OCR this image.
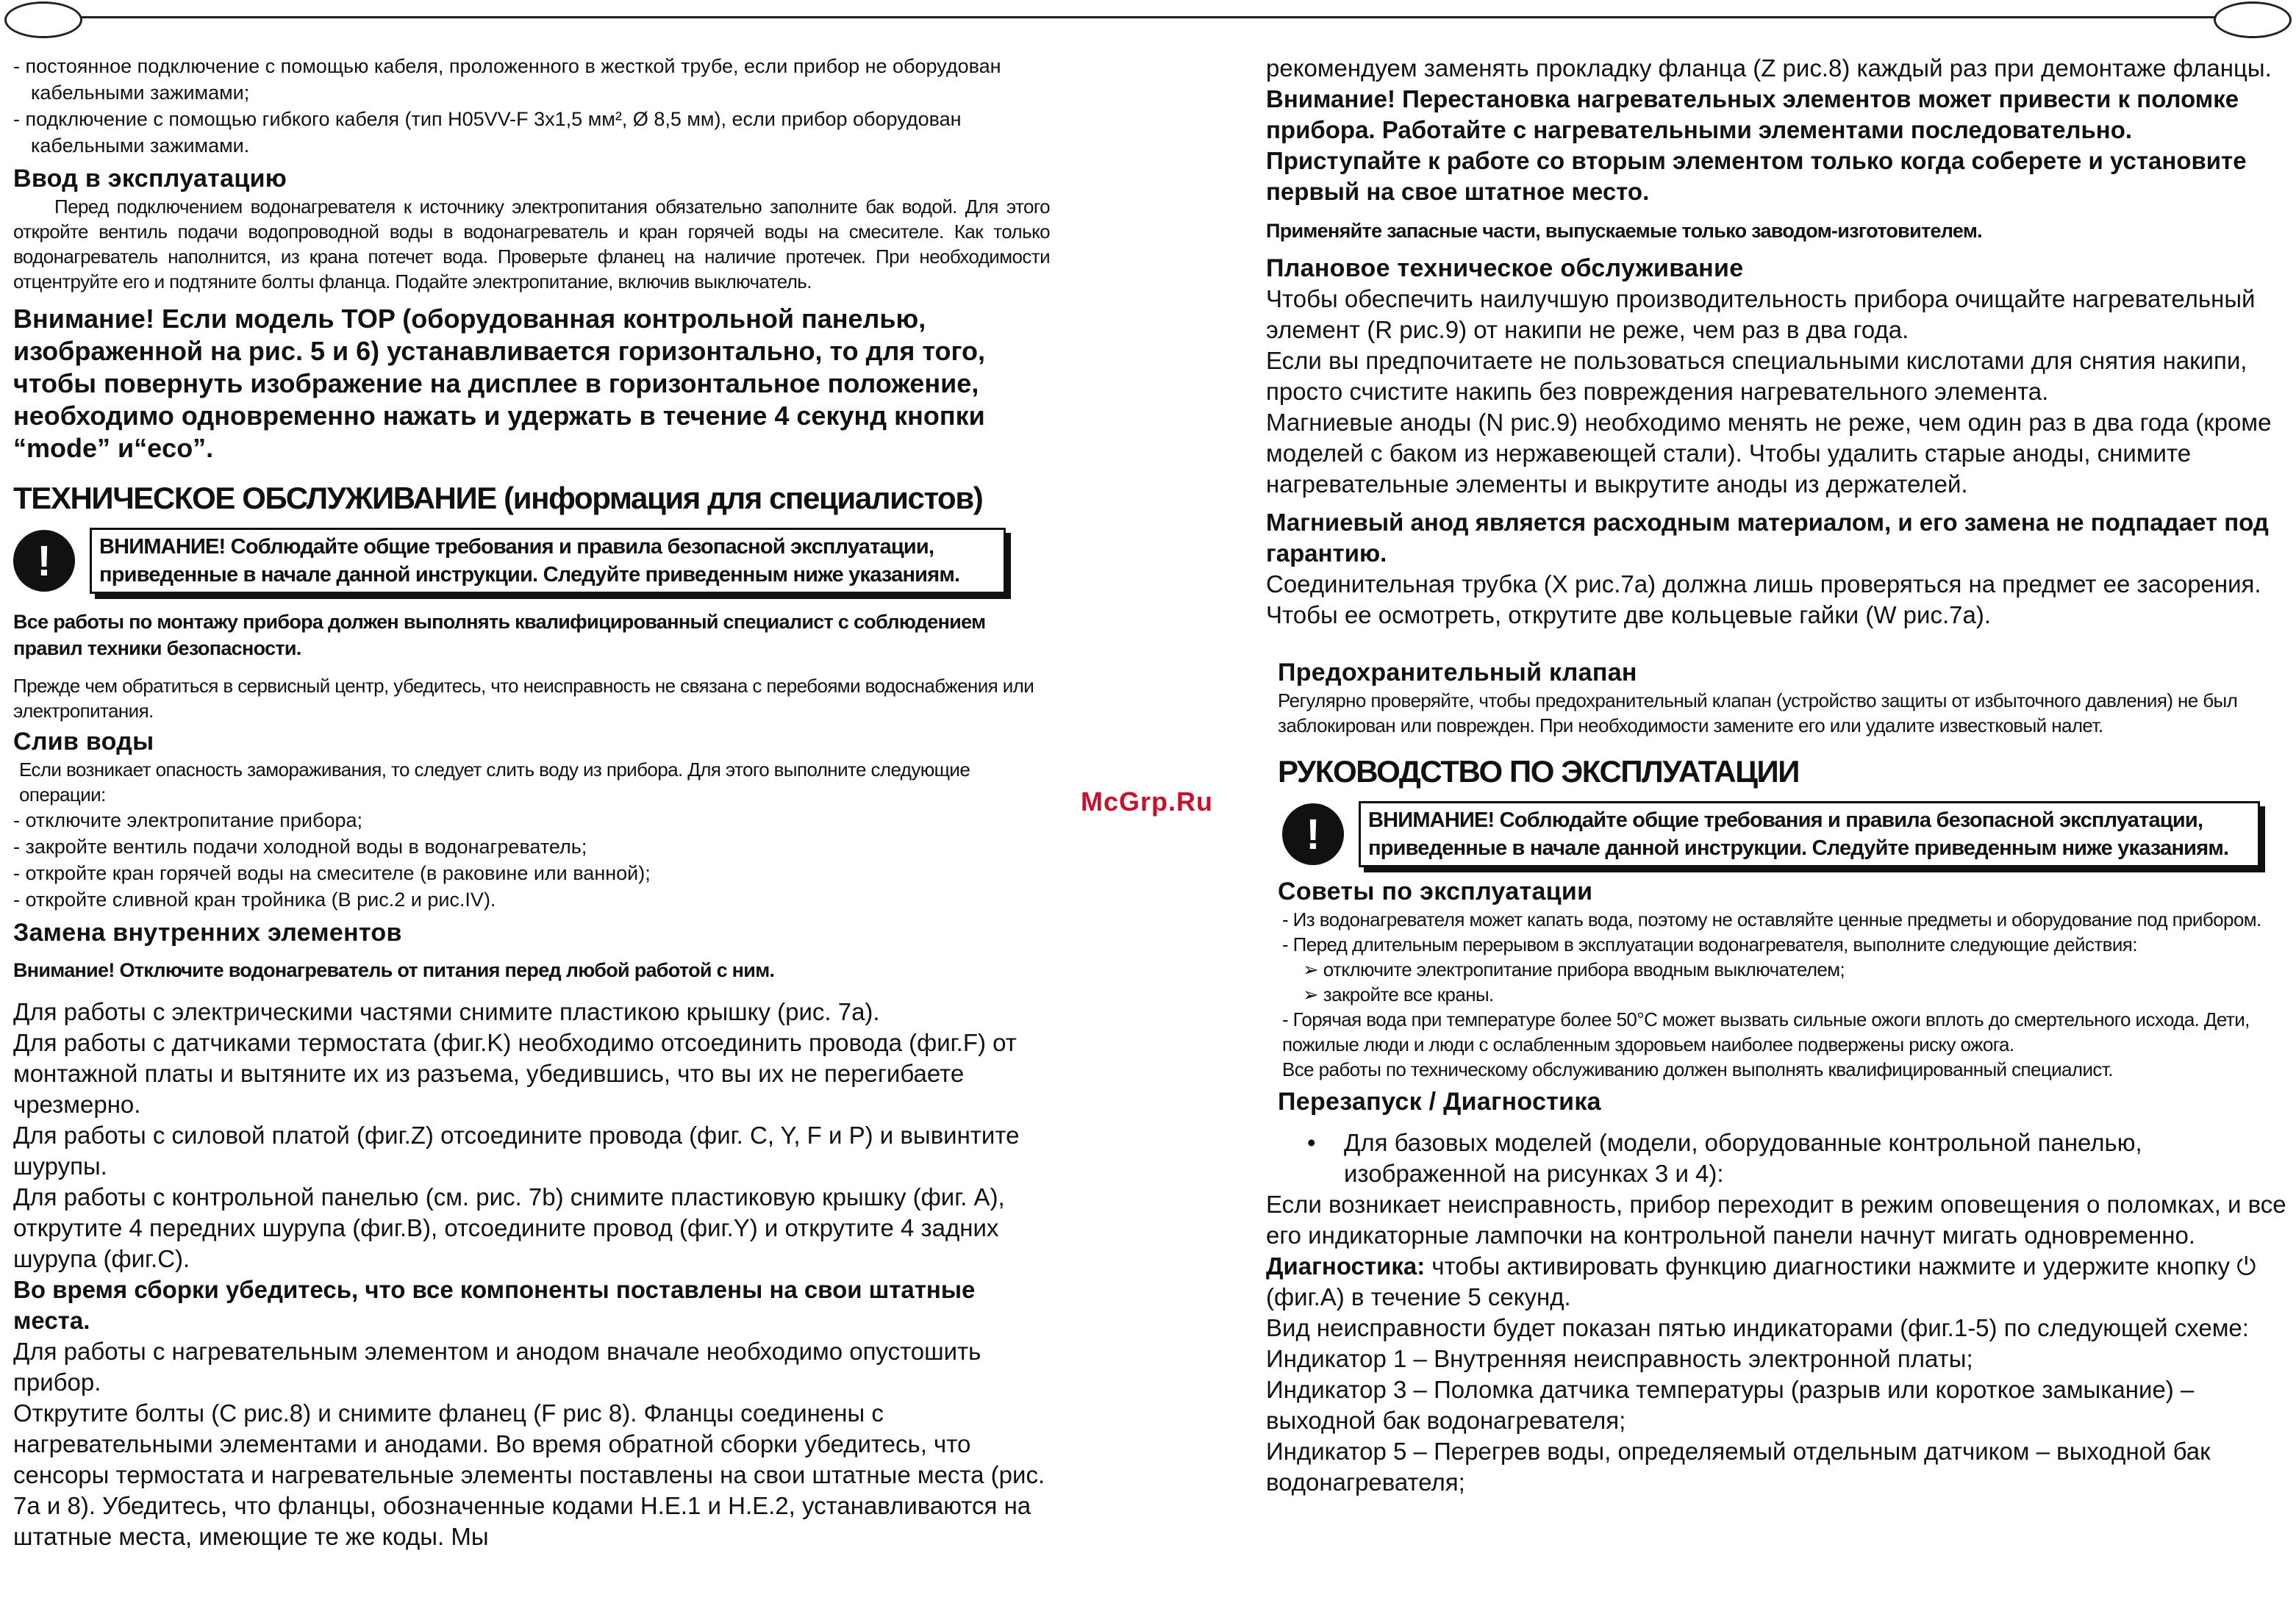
- постоянное подключение с помощью кабеля, проложенного в жесткой трубе, если прибор не оборудован кабельными зажимами;

- подключение с помощью гибкого кабеля (тип H05VV-F 3x1,5 мм², Ø 8,5 мм), если прибор оборудован кабельными зажимами.

Ввод в эксплуатацию

Перед подключением водонагревателя к источнику электропитания обязательно заполните бак водой. Для этого откройте вентиль подачи водопроводной воды в водонагреватель и кран горячей воды на смесителе. Как только водонагреватель наполнится, из крана потечет вода. Проверьте фланец на наличие протечек. При необходимости отцентруйте его и подтяните болты фланца. Подайте электропитание, включив выключатель.

Внимание! Если модель TOP (оборудованная контрольной панелью, изображенной на рис. 5 и 6) устанавливается горизонтально, то для того, чтобы повернуть изображение на дисплее в горизонтальное положение, необходимо одновременно нажать и удержать в течение 4 секунд кнопки “mode” и“eco”.

ТЕХНИЧЕСКОЕ ОБСЛУЖИВАНИЕ (информация для специалистов)
!	ВНИМАНИЕ! Соблюдайте общие требования и правила безопасной эксплуатации, приведенные в начале данной инструкции. Следуйте приведенным ниже указаниям.

Все работы по монтажу прибора должен выполнять квалифицированный специалист с соблюдением правил техники безопасности.

Прежде чем обратиться в сервисный центр, убедитесь, что неисправность не связана с перебоями водоснабжения или электропитания.

Слив воды

Если возникает опасность замораживания, то следует слить воду из прибора. Для этого выполните следующие операции:

- отключите электропитание прибора;

- закройте вентиль подачи холодной воды в водонагреватель;

- откройте кран горячей воды на смесителе (в раковине или ванной);

- откройте сливной кран тройника (В рис.2 и рис.IV).

Замена внутренних элементов

Внимание! Отключите водонагреватель от питания перед любой работой с ним.

Для работы с электрическими частями снимите пластикою крышку (рис. 7а).

Для работы с датчиками термостата (фиг.K) необходимо отсоединить провода (фиг.F) от монтажной платы и вытяните их из разъема, убедившись, что вы их не перегибаете чрезмерно.

Для работы с силовой платой (фиг.Z) отсоедините провода (фиг. C, Y, F и P) и вывинтите шурупы.

Для работы с контрольной панелью (см. рис. 7b) снимите пластиковую крышку (фиг. A), открутите 4 передних шурупа (фиг.B), отсоедините провод (фиг.Y) и открутите 4 задних шурупа (фиг.C).

Во время сборки убедитесь, что все компоненты поставлены на свои штатные места.

Для работы с нагревательным элементом и анодом вначале необходимо опустошить прибор.

Открутите болты (C рис.8) и снимите фланец (F рис 8). Фланцы соединены с нагревательными элементами и анодами. Во время обратной сборки убедитесь, что сенсоры термостата и нагревательные элементы поставлены на свои штатные места (рис. 7а и 8). Убедитесь, что фланцы, обозначенные кодами H.E.1 и H.E.2, устанавливаются на штатные места, имеющие те же коды. Мы

McGrp.Ru

рекомендуем заменять прокладку фланца (Z рис.8) каждый раз при демонтаже фланцы.

Внимание! Перестановка нагревательных элементов может привести к поломке прибора. Работайте с нагревательными элементами последовательно. Приступайте к работе со вторым элементом только когда соберете и установите первый на свое штатное место.

Применяйте запасные части, выпускаемые только заводом-изготовителем.

Плановое техническое обслуживание

Чтобы обеспечить наилучшую производительность прибора очищайте нагревательный элемент (R рис.9) от накипи не реже, чем раз в два года.

Если вы предпочитаете не пользоваться специальными кислотами для снятия накипи, просто счистите накипь без повреждения нагревательного элемента.

Магниевые аноды (N рис.9) необходимо менять не реже, чем один раз в два года (кроме моделей с баком из нержавеющей стали). Чтобы удалить старые аноды, снимите нагревательные элементы и выкрутите аноды из держателей.

Магниевый анод является расходным материалом, и его замена не подпадает под гарантию.

Соединительная трубка (X рис.7а) должна лишь проверяться на предмет ее засорения. Чтобы ее осмотреть, открутите две кольцевые гайки (W рис.7а).

Предохранительный клапан

Регулярно проверяйте, чтобы предохранительный клапан (устройство защиты от избыточного давления) не был заблокирован или поврежден. При необходимости замените его или удалите известковый налет.

РУКОВОДСТВО ПО ЭКСПЛУАТАЦИИ
!	ВНИМАНИЕ! Соблюдайте общие требования и правила безопасной эксплуатации, приведенные в начале данной инструкции. Следуйте приведенным ниже указаниям.
Советы по эксплуатации

- Из водонагревателя может капать вода, поэтому не оставляйте ценные предметы и оборудование под прибором.

- Перед длительным перерывом в эксплуатации водонагревателя, выполните следующие действия:

➢ отключите электропитание прибора вводным выключателем;

➢ закройте все краны.

- Горячая вода при температуре более 50°C может вызвать сильные ожоги вплоть до смертельного исхода. Дети, пожилые люди и люди с ослабленным здоровьем наиболее подвержены риску ожога.

Все работы по техническому обслуживанию должен выполнять квалифицированный специалист.

Перезапуск / Диагностика
•	Для базовых моделей (модели, оборудованные контрольной панелью, изображенной на рисунках 3 и 4):

Если возникает неисправность, прибор переходит в режим оповещения о поломках, и все его индикаторные лампочки на контрольной панели начнут мигать одновременно.

Диагностика: чтобы активировать функцию диагностики нажмите и удержите кнопку ⏻ (фиг.A) в течение 5 секунд.

Вид неисправности будет показан пятью индикаторами (фиг.1-5) по следующей схеме:

Индикатор 1 – Внутренняя неисправность электронной платы;

Индикатор 3 – Поломка датчика температуры (разрыв или короткое замыкание) – выходной бак водонагревателя;

Индикатор 5 – Перегрев воды, определяемый отдельным датчиком – выходной бак водонагревателя;
